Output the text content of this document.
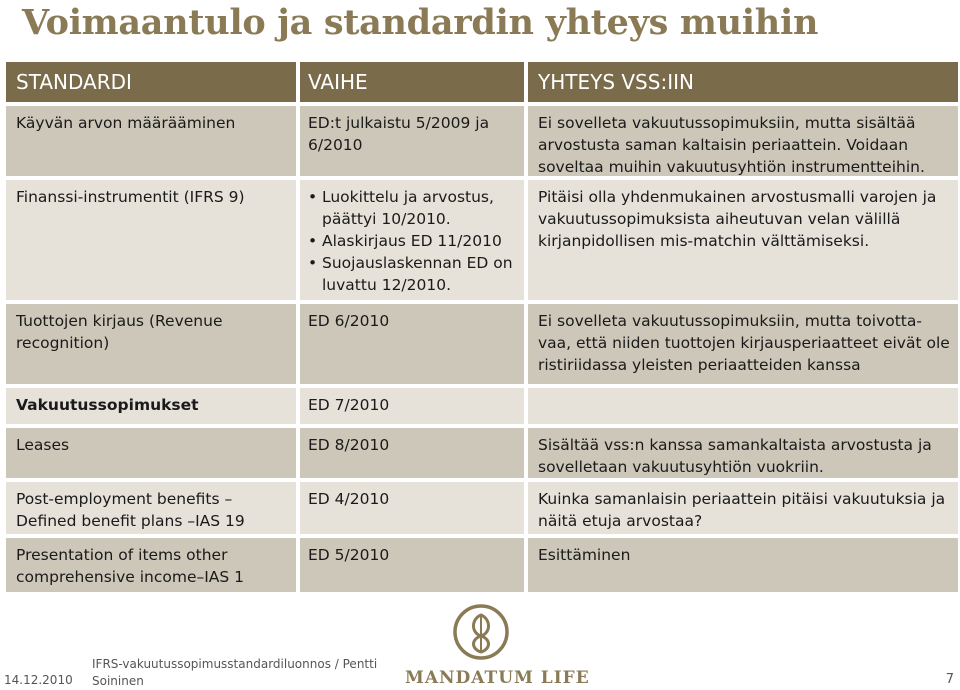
Voimaantulo ja standardin yhteys muihin
STANDARDI	VAIHE	YHTEYS VSS:IIN
Käyvän arvon määrääminen	ED:t julkaistu 5/2009 ja 6/2010
Ei sovelleta vakuutussopimuksiin, mutta sisältää arvostusta saman kaltaisin periaattein. Voidaan soveltaa muihin vakuutusyhtiön instrumentteihin.
Finanssi-instrumentit (IFRS 9)
•	Luokittelu ja arvostus, päättyi 10/2010.
• Alaskirjaus ED 11/2010
• Suojauslaskennan ED on luvattu 12/2010.
Pitäisi olla yhdenmukainen arvostusmalli varojen ja vakuutussopimuksista aiheutuvan velan välillä kirjanpidollisen mis-matchin välttämiseksi.
Tuottojen kirjaus (Revenue recognition)
ED 6/2010	Ei sovelleta vakuutussopimuksiin, mutta toivotta-vaa, että niiden tuottojen kirjausperiaatteet eivät ole ristiriidassa yleisten periaatteiden kanssa
Vakuutussopimukset	ED 7/2010
Leases	ED 8/2010	Sisältää vss:n kanssa samankaltaista arvostusta ja sovelletaan vakuutusyhtiön vuokriin.
Post-employment benefits – Defined benefit plans –IAS 19
ED 4/2010	Kuinka samanlaisin periaattein pitäisi vakuutuksia ja näitä etuja arvostaa?
Presentation of items other comprehensive income–IAS 1
ED 5/2010	Esittäminen
14.12.2010
IFRS-vakuutussopimusstandardiluonnos / Pentti Soininen	MANDATUM LIFE	7
